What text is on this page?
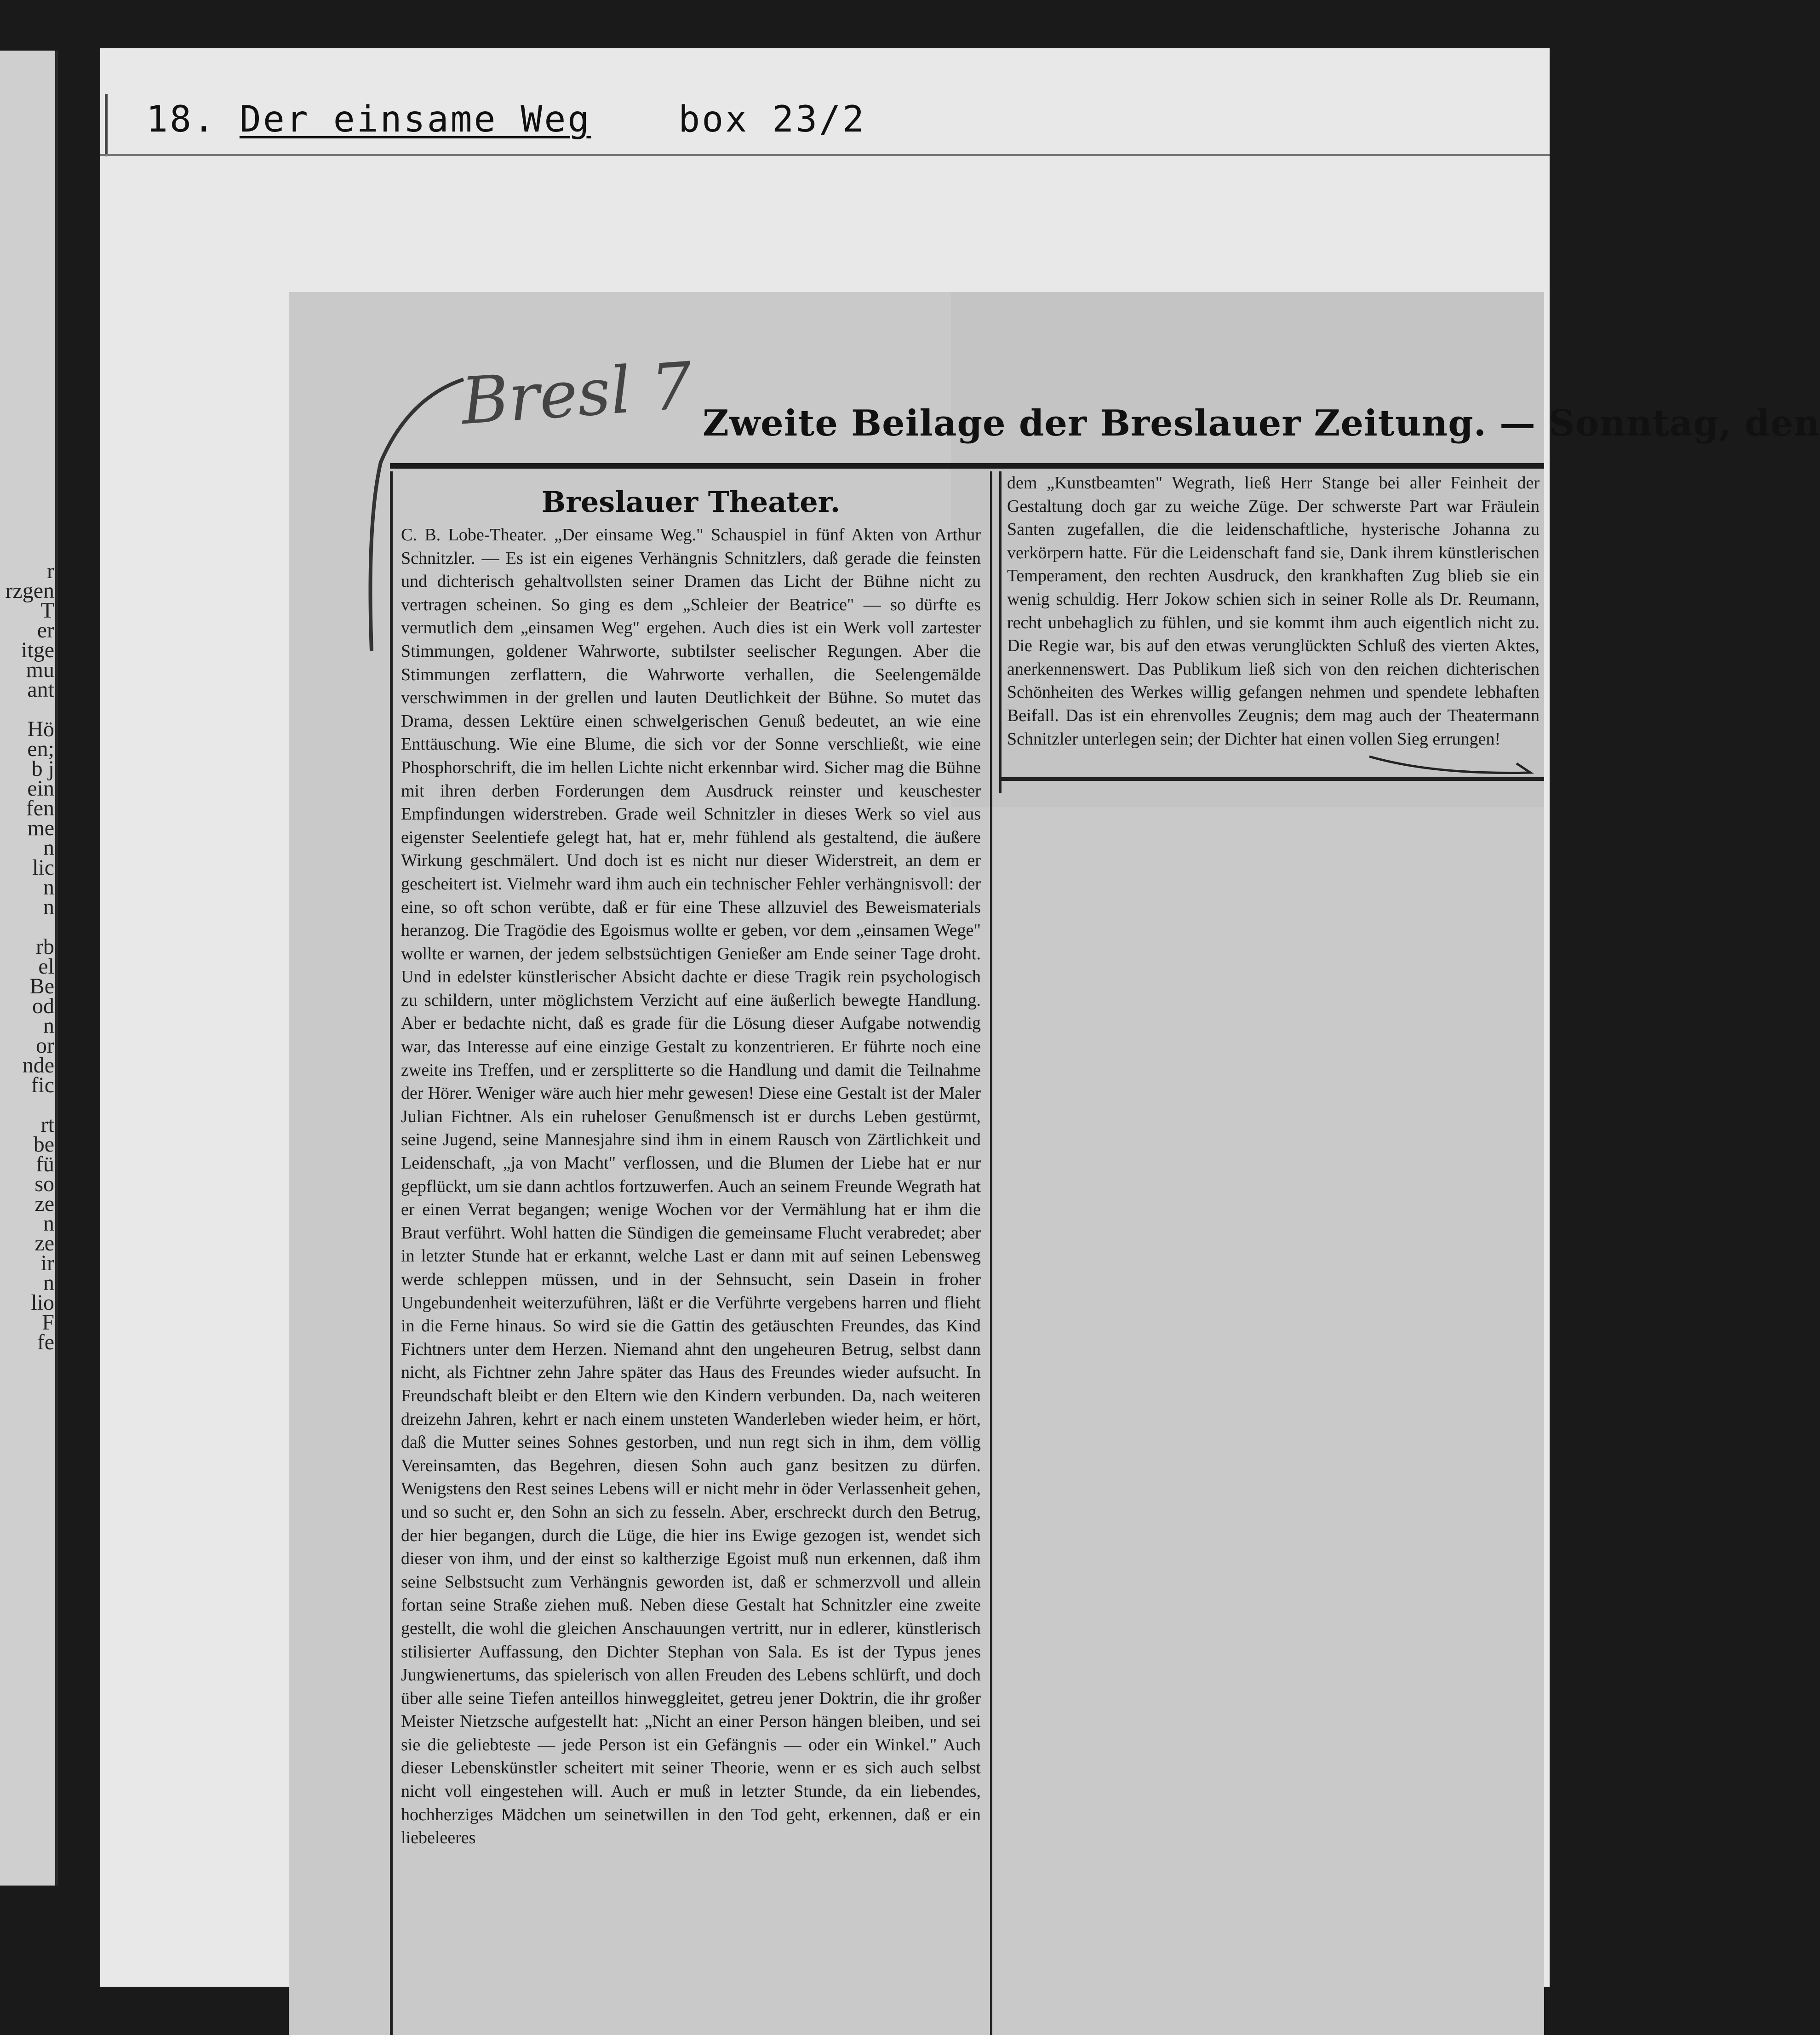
r
rzgen
T
er
itge
mu
ant

Hö
en;
b j
ein
fen
me
n
lic
n
n

rb
el
Be
od
n
or
nde
fic

rt
be
fü
so
ze
n
ze
ir
n
lio
F
fe
18. Der einsame Weg box 23/2
Bresl 7 Zweite Beilage der Breslauer Zeitung. — Sonntag, den
Breslauer Theater.

C. B. Lobe-Theater. „Der einsame Weg." Schauspiel in fünf Akten von Arthur Schnitzler. — Es ist ein eigenes Verhängnis Schnitzlers, daß gerade die feinsten und dichterisch gehaltvollsten seiner Dramen das Licht der Bühne nicht zu vertragen scheinen. So ging es dem „Schleier der Beatrice" — so dürfte es vermutlich dem „einsamen Weg" ergehen. Auch dies ist ein Werk voll zartester Stimmungen, goldener Wahrworte, subtilster seelischer Regungen. Aber die Stimmungen zerflattern, die Wahrworte verhallen, die Seelengemälde verschwimmen in der grellen und lauten Deutlichkeit der Bühne. So mutet das Drama, dessen Lektüre einen schwelgerischen Genuß bedeutet, an wie eine Enttäuschung. Wie eine Blume, die sich vor der Sonne verschließt, wie eine Phosphorschrift, die im hellen Lichte nicht erkennbar wird. Sicher mag die Bühne mit ihren derben Forderungen dem Ausdruck reinster und keuschester Empfindungen widerstreben. Grade weil Schnitzler in dieses Werk so viel aus eigenster Seelentiefe gelegt hat, hat er, mehr fühlend als gestaltend, die äußere Wirkung geschmälert. Und doch ist es nicht nur dieser Widerstreit, an dem er gescheitert ist. Vielmehr ward ihm auch ein technischer Fehler verhängnisvoll: der eine, so oft schon verübte, daß er für eine These allzuviel des Beweismaterials heranzog. Die Tragödie des Egoismus wollte er geben, vor dem „einsamen Wege" wollte er warnen, der jedem selbstsüchtigen Genießer am Ende seiner Tage droht. Und in edelster künstlerischer Absicht dachte er diese Tragik rein psychologisch zu schildern, unter möglichstem Verzicht auf eine äußerlich bewegte Handlung. Aber er bedachte nicht, daß es grade für die Lösung dieser Aufgabe notwendig war, das Interesse auf eine einzige Gestalt zu konzentrieren. Er führte noch eine zweite ins Treffen, und er zersplitterte so die Handlung und damit die Teilnahme der Hörer. Weniger wäre auch hier mehr gewesen! Diese eine Gestalt ist der Maler Julian Fichtner. Als ein ruheloser Genußmensch ist er durchs Leben gestürmt, seine Jugend, seine Mannesjahre sind ihm in einem Rausch von Zärtlichkeit und Leidenschaft, „ja von Macht" verflossen, und die Blumen der Liebe hat er nur gepflückt, um sie dann achtlos fortzuwerfen. Auch an seinem Freunde Wegrath hat er einen Verrat begangen; wenige Wochen vor der Vermählung hat er ihm die Braut verführt. Wohl hatten die Sündigen die gemeinsame Flucht verabredet; aber in letzter Stunde hat er erkannt, welche Last er dann mit auf seinen Lebensweg werde schleppen müssen, und in der Sehnsucht, sein Dasein in froher Ungebundenheit weiterzuführen, läßt er die Verführte vergebens harren und flieht in die Ferne hinaus. So wird sie die Gattin des getäuschten Freundes, das Kind Fichtners unter dem Herzen. Niemand ahnt den ungeheuren Betrug, selbst dann nicht, als Fichtner zehn Jahre später das Haus des Freundes wieder aufsucht. In Freundschaft bleibt er den Eltern wie den Kindern verbunden. Da, nach weiteren dreizehn Jahren, kehrt er nach einem unsteten Wanderleben wieder heim, er hört, daß die Mutter seines Sohnes gestorben, und nun regt sich in ihm, dem völlig Vereinsamten, das Begehren, diesen Sohn auch ganz besitzen zu dürfen. Wenigstens den Rest seines Lebens will er nicht mehr in öder Verlassenheit gehen, und so sucht er, den Sohn an sich zu fesseln. Aber, erschreckt durch den Betrug, der hier begangen, durch die Lüge, die hier ins Ewige gezogen ist, wendet sich dieser von ihm, und der einst so kaltherzige Egoist muß nun erkennen, daß ihm seine Selbstsucht zum Verhängnis geworden ist, daß er schmerzvoll und allein fortan seine Straße ziehen muß. Neben diese Gestalt hat Schnitzler eine zweite gestellt, die wohl die gleichen Anschauungen vertritt, nur in edlerer, künstlerisch stilisierter Auffassung, den Dichter Stephan von Sala. Es ist der Typus jenes Jungwienertums, das spielerisch von allen Freuden des Lebens schlürft, und doch über alle seine Tiefen anteillos hinweggleitet, getreu jener Doktrin, die ihr großer Meister Nietzsche aufgestellt hat: „Nicht an einer Person hängen bleiben, und sei sie die geliebteste — jede Person ist ein Gefängnis — oder ein Winkel." Auch dieser Lebenskünstler scheitert mit seiner Theorie, wenn er es sich auch selbst nicht voll eingestehen will. Auch er muß in letzter Stunde, da ein liebendes, hochherziges Mädchen um seinetwillen in den Tod geht, erkennen, daß er ein liebeleeres

dem „Kunstbeamten" Wegrath, ließ Herr Stange bei aller Feinheit der Gestaltung doch gar zu weiche Züge. Der schwerste Part war Fräulein Santen zugefallen, die die leidenschaftliche, hysterische Johanna zu verkörpern hatte. Für die Leidenschaft fand sie, Dank ihrem künstlerischen Temperament, den rechten Ausdruck, den krankhaften Zug blieb sie ein wenig schuldig. Herr Jokow schien sich in seiner Rolle als Dr. Reumann, recht unbehaglich zu fühlen, und sie kommt ihm auch eigentlich nicht zu. Die Regie war, bis auf den etwas verunglückten Schluß des vierten Aktes, anerkennenswert. Das Publikum ließ sich von den reichen dichterischen Schönheiten des Werkes willig gefangen nehmen und spendete lebhaften Beifall. Das ist ein ehrenvolles Zeugnis; dem mag auch der Theatermann Schnitzler unterlegen sein; der Dichter hat einen vollen Sieg errungen!
